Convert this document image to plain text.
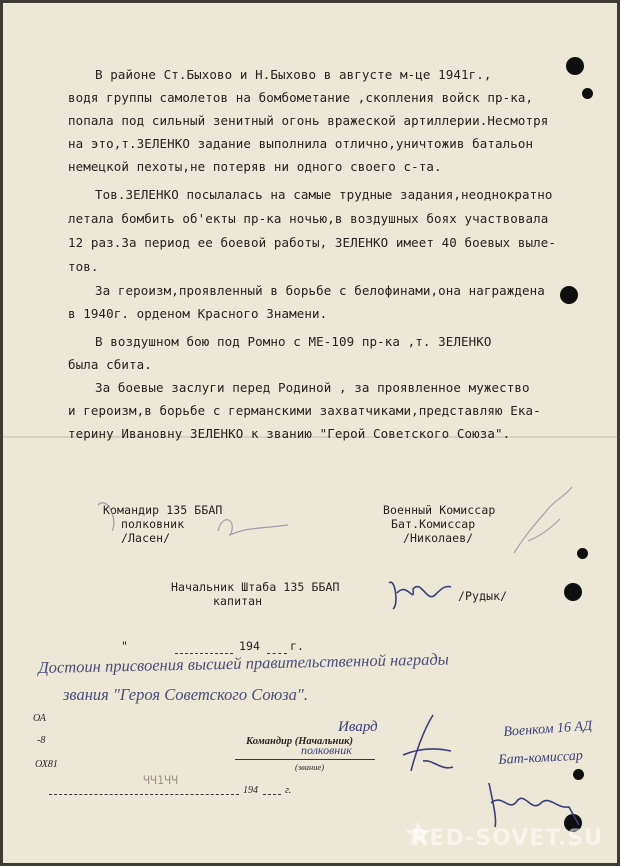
В районе Ст.Быхово и Н.Быхово в августе м-це 1941г.,
водя группы самолетов на бомбометание ,скопления войск пр-ка,
попала под сильный зенитный огонь вражеской артиллерии.Несмотря
на это,т.ЗЕЛЕНКО задание выполнила отлично,уничтожив батальон
немецкой пехоты,не потеряв ни одного своего с-та.
Тов.ЗЕЛЕНКО посылалась на самые трудные задания,неоднократно
летала бомбить об'екты пр-ка ночью,в воздушных боях участвовала
12 раз.За период ее боевой работы, ЗЕЛЕНКО имеет 40 боевых выле-
тов.
За героизм,проявленный в борьбе с белофинами,она награждена
в 1940г. орденом Красного Знамени.
В воздушном бою под Ромно с МЕ-109 пр-ка ,т. ЗЕЛЕНКО
была сбита.
За боевые заслуги перед Родиной , за проявленное мужество
и героизм,в борьбе с германскими захватчиками,представляю Ека-
терину Ивановну ЗЕЛЕНКО к званию "Герой Советского Союза".
Командир 135 ББАП
полковник
/Ласен/
Военный Комиссар
Бат.Комиссар
/Николаев/
Начальник Штаба 135 ББАП
капитан	/Рудык/
"	194	г.
Достоин присвоения высшей правительственной награды
звания "Героя Советского Союза".
ОА
-8
ОХ81
Командир (Начальник)
(звание)
Ивард
полковник
Военком 16 АД
Бат-комиссар
ЧЧ1ЧЧ
194	г.
RED-SOVET.SU
